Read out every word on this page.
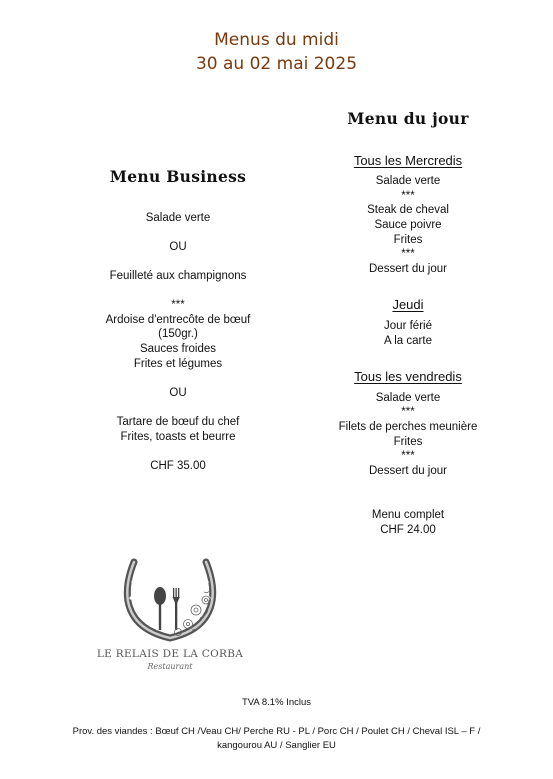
Menus du midi
30 au 02 mai 2025
Menu Business
Salade verte
OU
Feuilleté aux champignons
***
Ardoise d'entrecôte de bœuf
(150gr.)
Sauces froides
Frites et légumes
OU
Tartare de bœuf du chef
Frites, toasts et beurre
CHF 35.00
Menu du jour
Tous les Mercredis
Salade verte
***
Steak de cheval
Sauce poivre
Frites
***
Dessert du jour
Jeudi
Jour férié
A la carte
Tous les vendredis
Salade verte
***
Filets de perches meunière
Frites
***
Dessert du jour
Menu complet
CHF 24.00
LE RELAIS DE LA CORBA
Restaurant
TVA 8.1% Inclus
Prov. des viandes : Bœuf CH /Veau CH/ Perche RU - PL / Porc CH / Poulet CH / Cheval ISL – F /
kangourou AU / Sanglier EU
